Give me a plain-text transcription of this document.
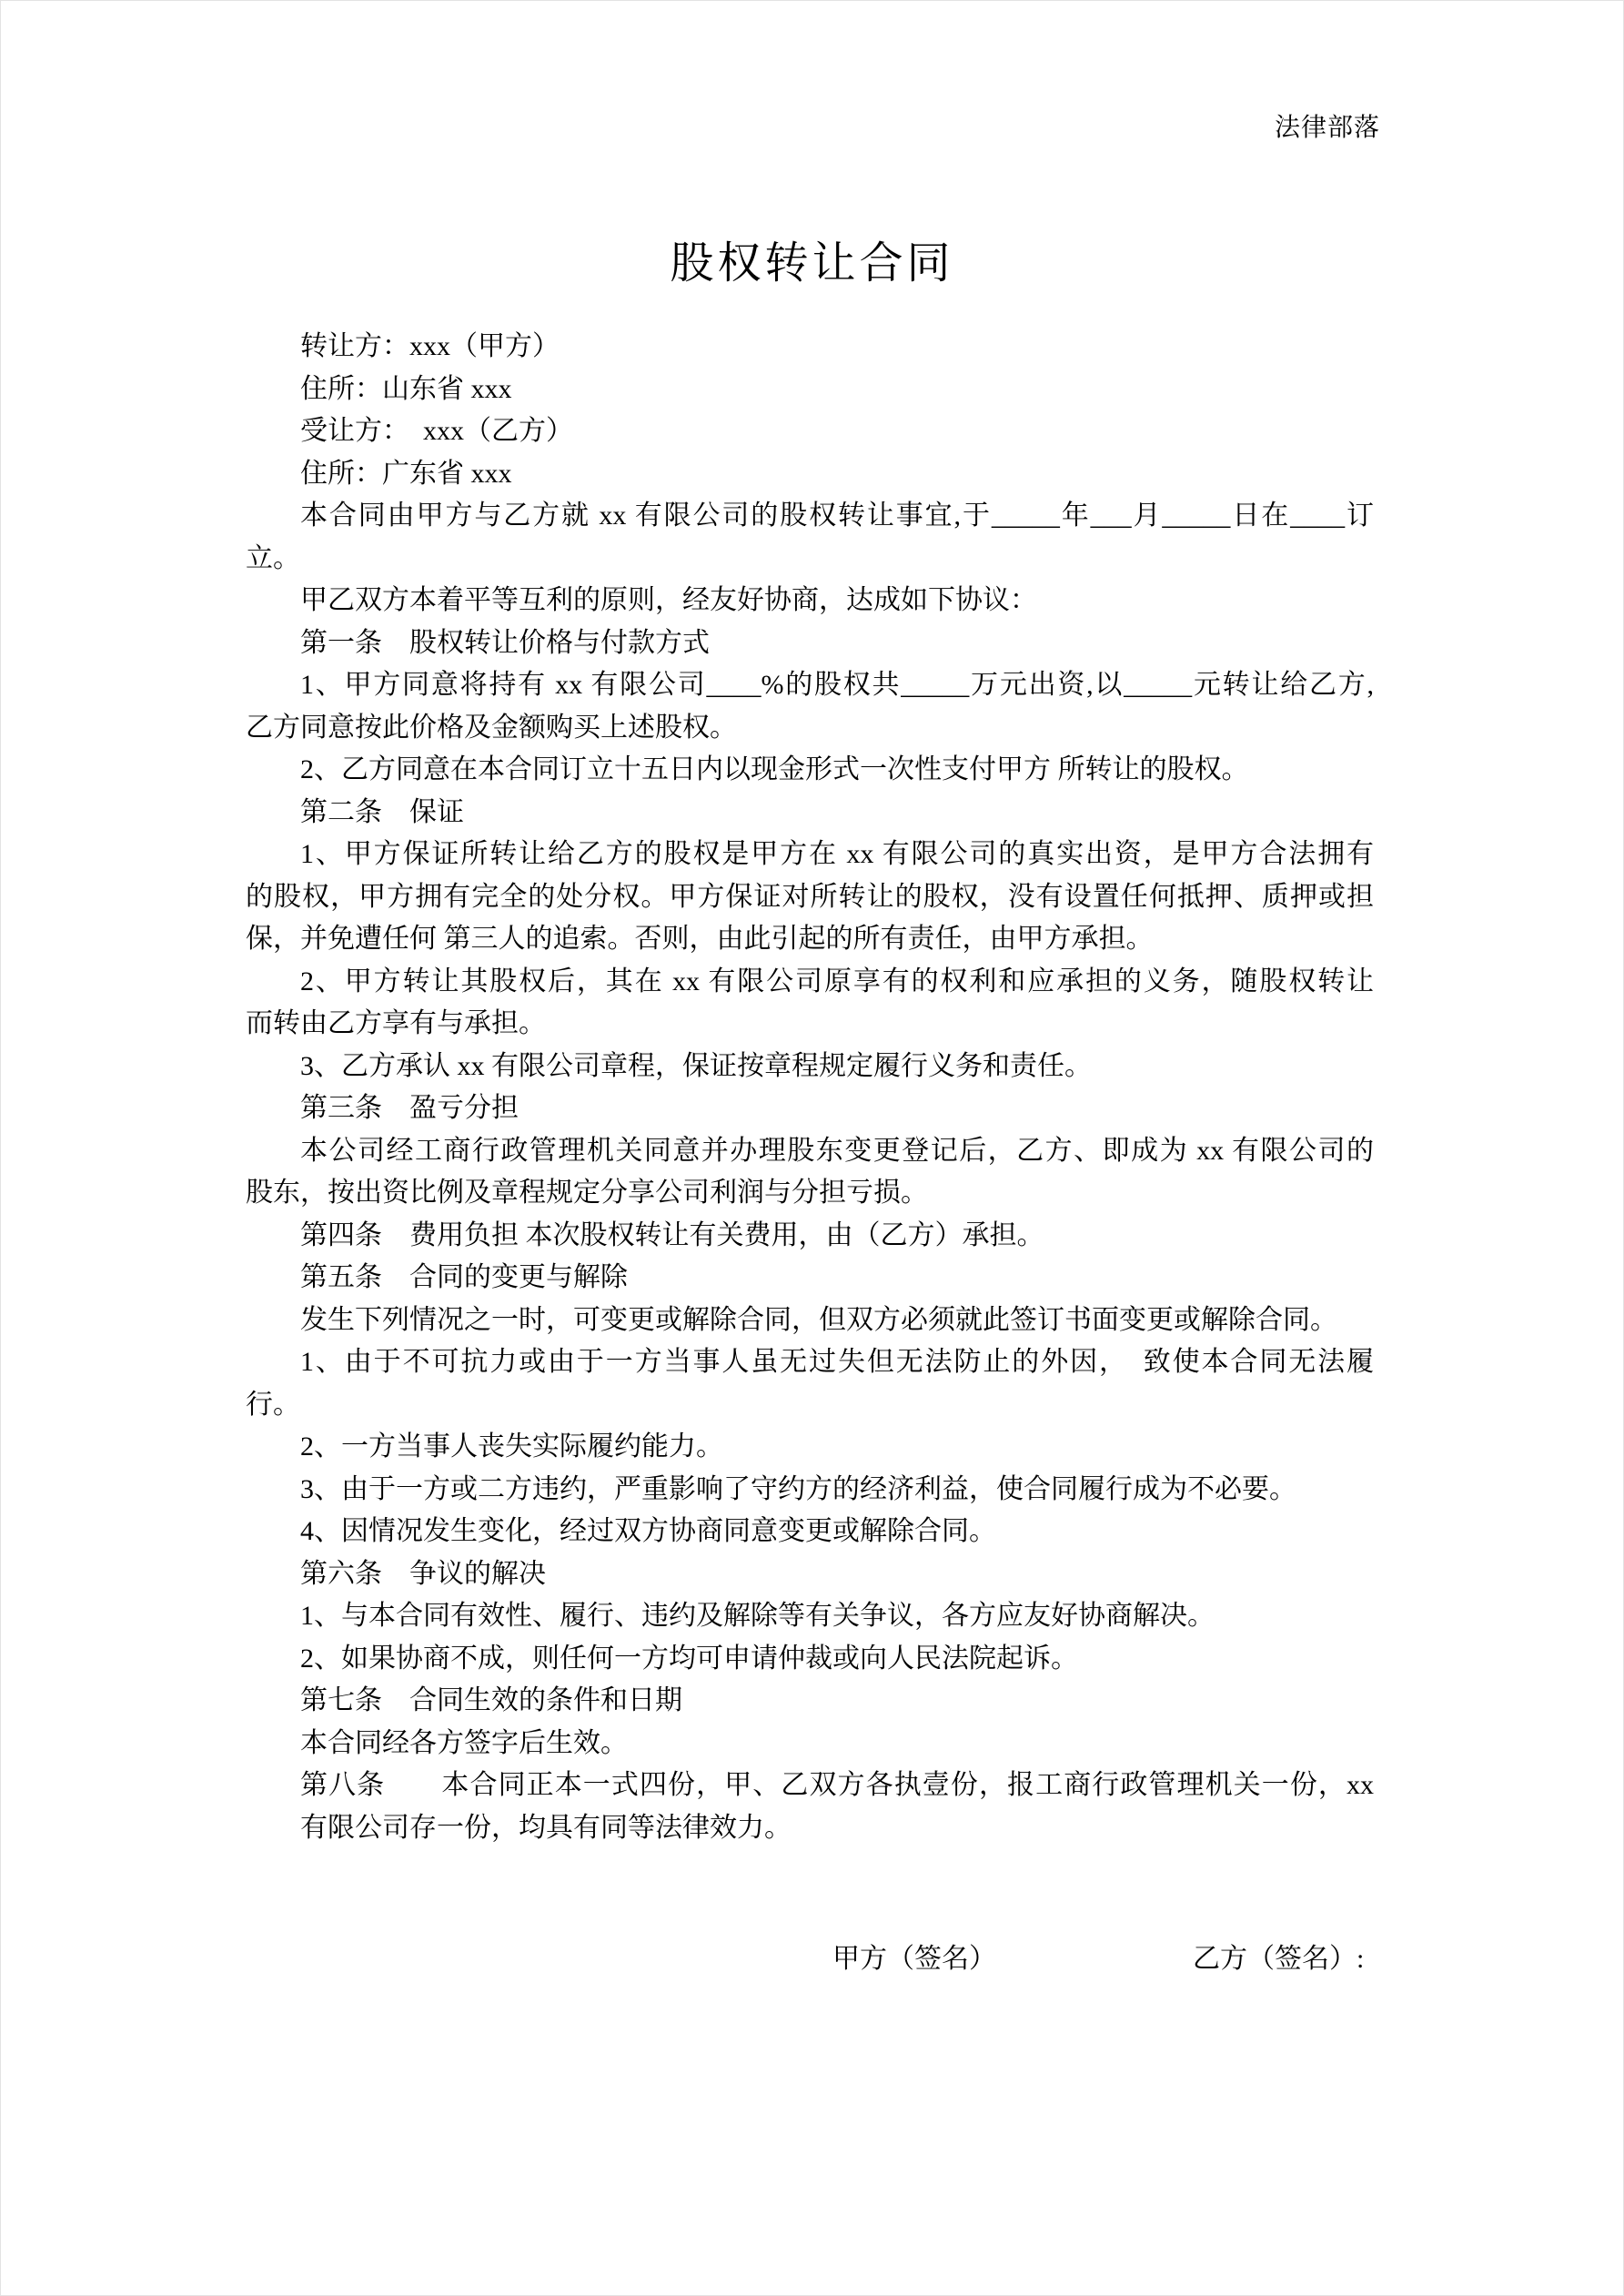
法律部落
股权转让合同

转让方：xxx（甲方）

住所：山东省 xxx

受让方：　xxx（乙方）

住所：广东省 xxx

本合同由甲方与乙方就 xx 有限公司的股权转让事宜,于_____年___月_____日在____订

立。

甲乙双方本着平等互利的原则，经友好协商，达成如下协议：

第一条　股权转让价格与付款方式

1、甲方同意将持有 xx 有限公司____%的股权共_____万元出资,以_____元转让给乙方,

乙方同意按此价格及金额购买上述股权。

2、乙方同意在本合同订立十五日内以现金形式一次性支付甲方 所转让的股权。

第二条　保证

1、甲方保证所转让给乙方的股权是甲方在 xx 有限公司的真实出资，是甲方合法拥有

的股权，甲方拥有完全的处分权。甲方保证对所转让的股权，没有设置任何抵押、质押或担

保，并免遭任何 第三人的追索。否则，由此引起的所有责任，由甲方承担。

2、甲方转让其股权后，其在 xx 有限公司原享有的权利和应承担的义务，随股权转让

而转由乙方享有与承担。

3、乙方承认 xx 有限公司章程，保证按章程规定履行义务和责任。

第三条　盈亏分担

本公司经工商行政管理机关同意并办理股东变更登记后，乙方、即成为 xx 有限公司的

股东，按出资比例及章程规定分享公司利润与分担亏损。

第四条　费用负担 本次股权转让有关费用，由（乙方）承担。

第五条　合同的变更与解除

发生下列情况之一时，可变更或解除合同，但双方必须就此签订书面变更或解除合同。

1、由于不可抗力或由于一方当事人虽无过失但无法防止的外因，　致使本合同无法履

行。

2、一方当事人丧失实际履约能力。

3、由于一方或二方违约，严重影响了守约方的经济利益，使合同履行成为不必要。

4、因情况发生变化，经过双方协商同意变更或解除合同。

第六条　争议的解决

1、与本合同有效性、履行、违约及解除等有关争议，各方应友好协商解决。

2、如果协商不成，则任何一方均可申请仲裁或向人民法院起诉。

第七条　合同生效的条件和日期

本合同经各方签字后生效。

第八条　　本合同正本一式四份，甲、乙双方各执壹份，报工商行政管理机关一份，xx

有限公司存一份，均具有同等法律效力。

甲方（签名）	乙方（签名）:
